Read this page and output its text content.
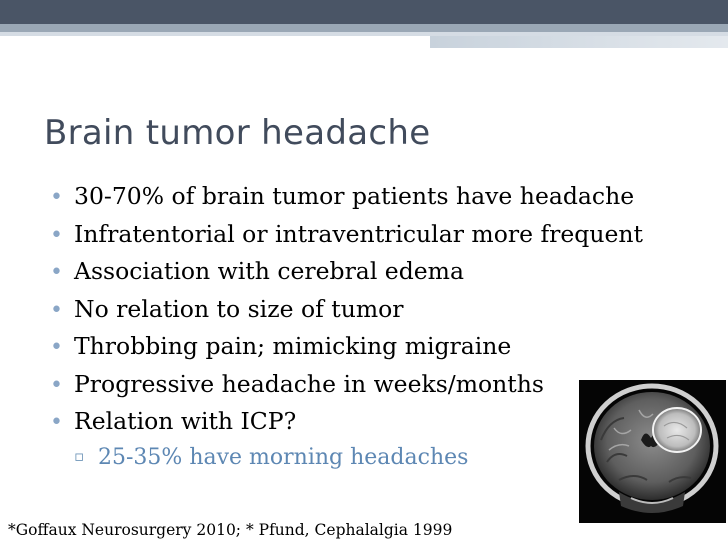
Brain tumor headache
• 30-70% of brain tumor patients have headache
• Infratentorial or intraventricular more frequent
• Association with cerebral edema
• No relation to size of tumor
• Throbbing pain; mimicking migraine
• Progressive headache in weeks/months
• Relation with ICP?
▫ 25-35% have morning headaches
*Goffaux Neurosurgery 2010; * Pfund, Cephalalgia 1999
